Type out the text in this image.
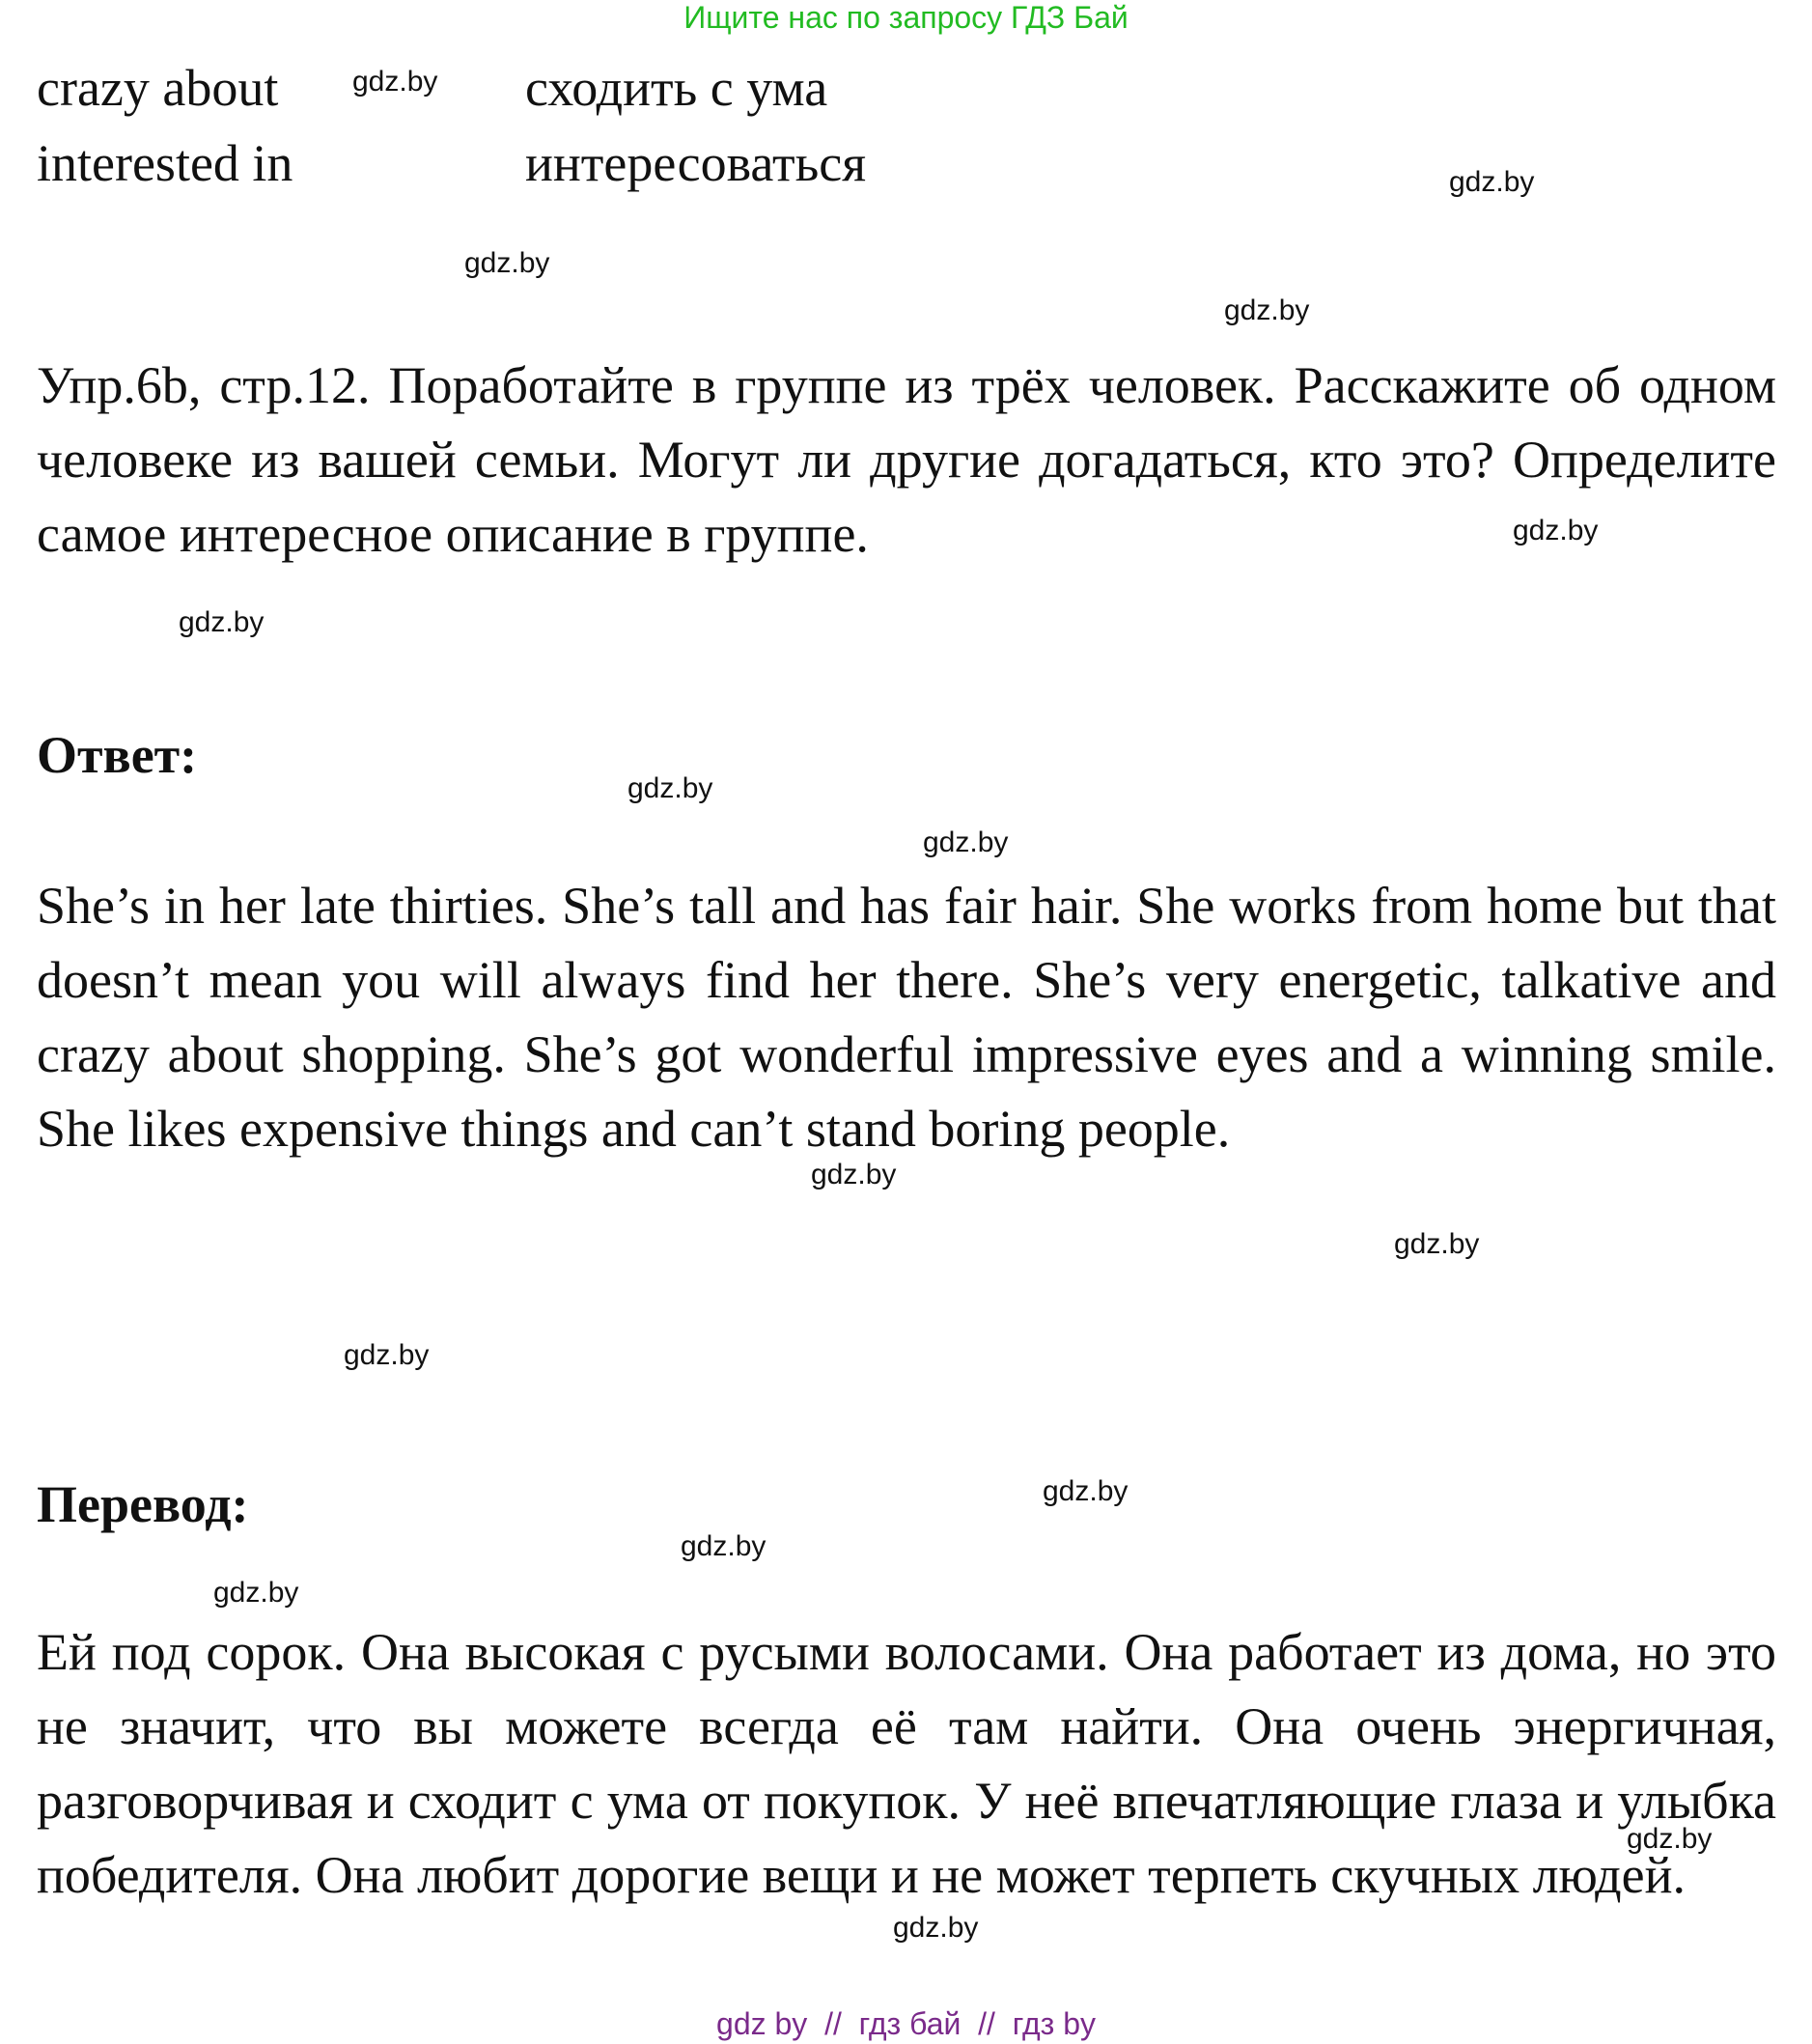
Ищите нас по запросу ГДЗ Бай
crazy about	сходить с ума
interested in	интересоваться
Упр.6b, стр.12. Поработайте в группе из трёх человек. Расскажите об одном человеке из вашей семьи. Могут ли другие догадаться, кто это? Определите самое интересное описание в группе.
Ответ:
She’s in her late thirties. She’s tall and has fair hair. She works from home but that doesn’t mean you will always find her there. She’s very energetic, talkative and crazy about shopping. She’s got wonderful impressive eyes and a winning smile. She likes expensive things and can’t stand boring people.
Перевод:
Ей под сорок. Она высокая с русыми волосами. Она работает из дома, но это не значит, что вы можете всегда её там найти. Она очень энергичная, разговорчивая и сходит с ума от покупок. У неё впечатляющие глаза и улыбка победителя. Она любит дорогие вещи и не может терпеть скучных людей.
gdz.by
gdz.by
gdz.by
gdz.by
gdz.by
gdz.by
gdz.by
gdz.by
gdz.by
gdz.by
gdz.by
gdz.by
gdz.by
gdz.by
gdz.by
gdz.by
gdz by  //  гдз бай  //  гдз by
